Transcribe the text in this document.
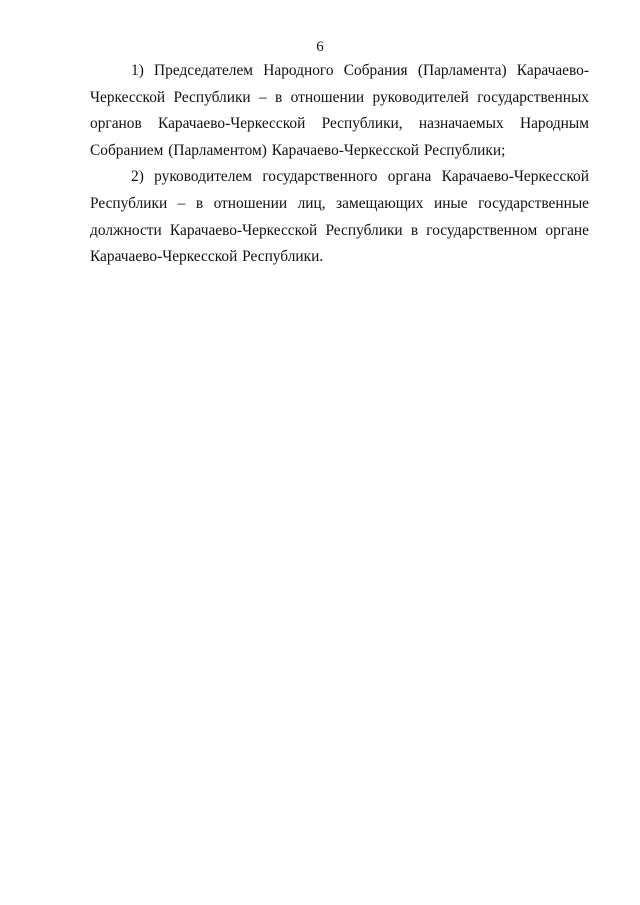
6

1) Председателем Народного Собрания (Парламента) Карачаево-Черкесской Республики – в отношении руководителей государственных органов Карачаево-Черкесской Республики, назначаемых Народным Собранием (Парламентом) Карачаево-Черкесской Республики;

2) руководителем государственного органа Карачаево-Черкесской Республики – в отношении лиц, замещающих иные государственные должности Карачаево-Черкесской Республики в государственном органе Карачаево-Черкесской Республики.
